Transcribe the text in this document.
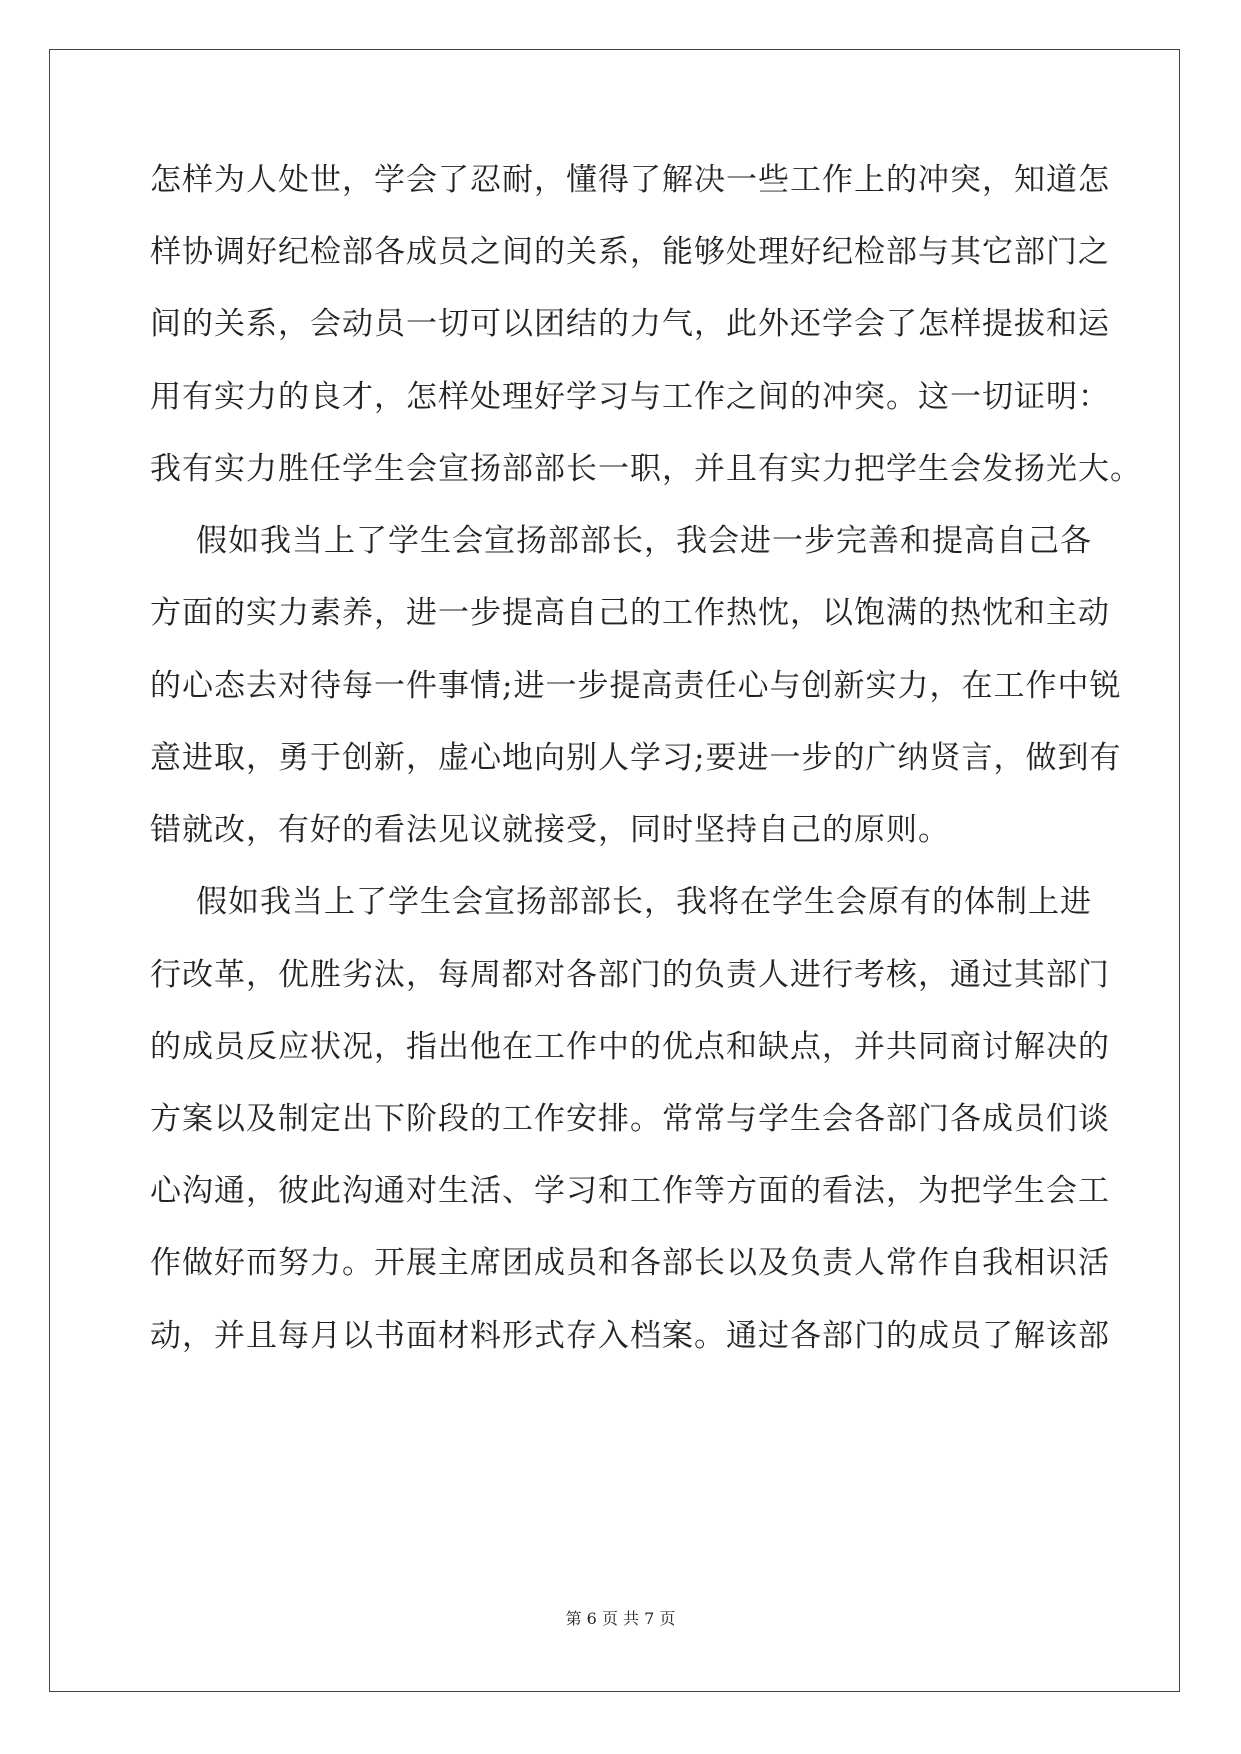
怎样为人处世，学会了忍耐，懂得了解决一些工作上的冲突，知道怎
样协调好纪检部各成员之间的关系，能够处理好纪检部与其它部门之
间的关系，会动员一切可以团结的力气，此外还学会了怎样提拔和运
用有实力的良才，怎样处理好学习与工作之间的冲突。这一切证明：
我有实力胜任学生会宣扬部部长一职，并且有实力把学生会发扬光大。
假如我当上了学生会宣扬部部长，我会进一步完善和提高自己各
方面的实力素养，进一步提高自己的工作热忱，以饱满的热忱和主动
的心态去对待每一件事情;进一步提高责任心与创新实力，在工作中锐
意进取，勇于创新，虚心地向别人学习;要进一步的广纳贤言，做到有
错就改，有好的看法见议就接受，同时坚持自己的原则。
假如我当上了学生会宣扬部部长，我将在学生会原有的体制上进
行改革，优胜劣汰，每周都对各部门的负责人进行考核，通过其部门
的成员反应状况，指出他在工作中的优点和缺点，并共同商讨解决的
方案以及制定出下阶段的工作安排。常常与学生会各部门各成员们谈
心沟通，彼此沟通对生活、学习和工作等方面的看法，为把学生会工
作做好而努力。开展主席团成员和各部长以及负责人常作自我相识活
动，并且每月以书面材料形式存入档案。通过各部门的成员了解该部
第 6 页 共 7 页
